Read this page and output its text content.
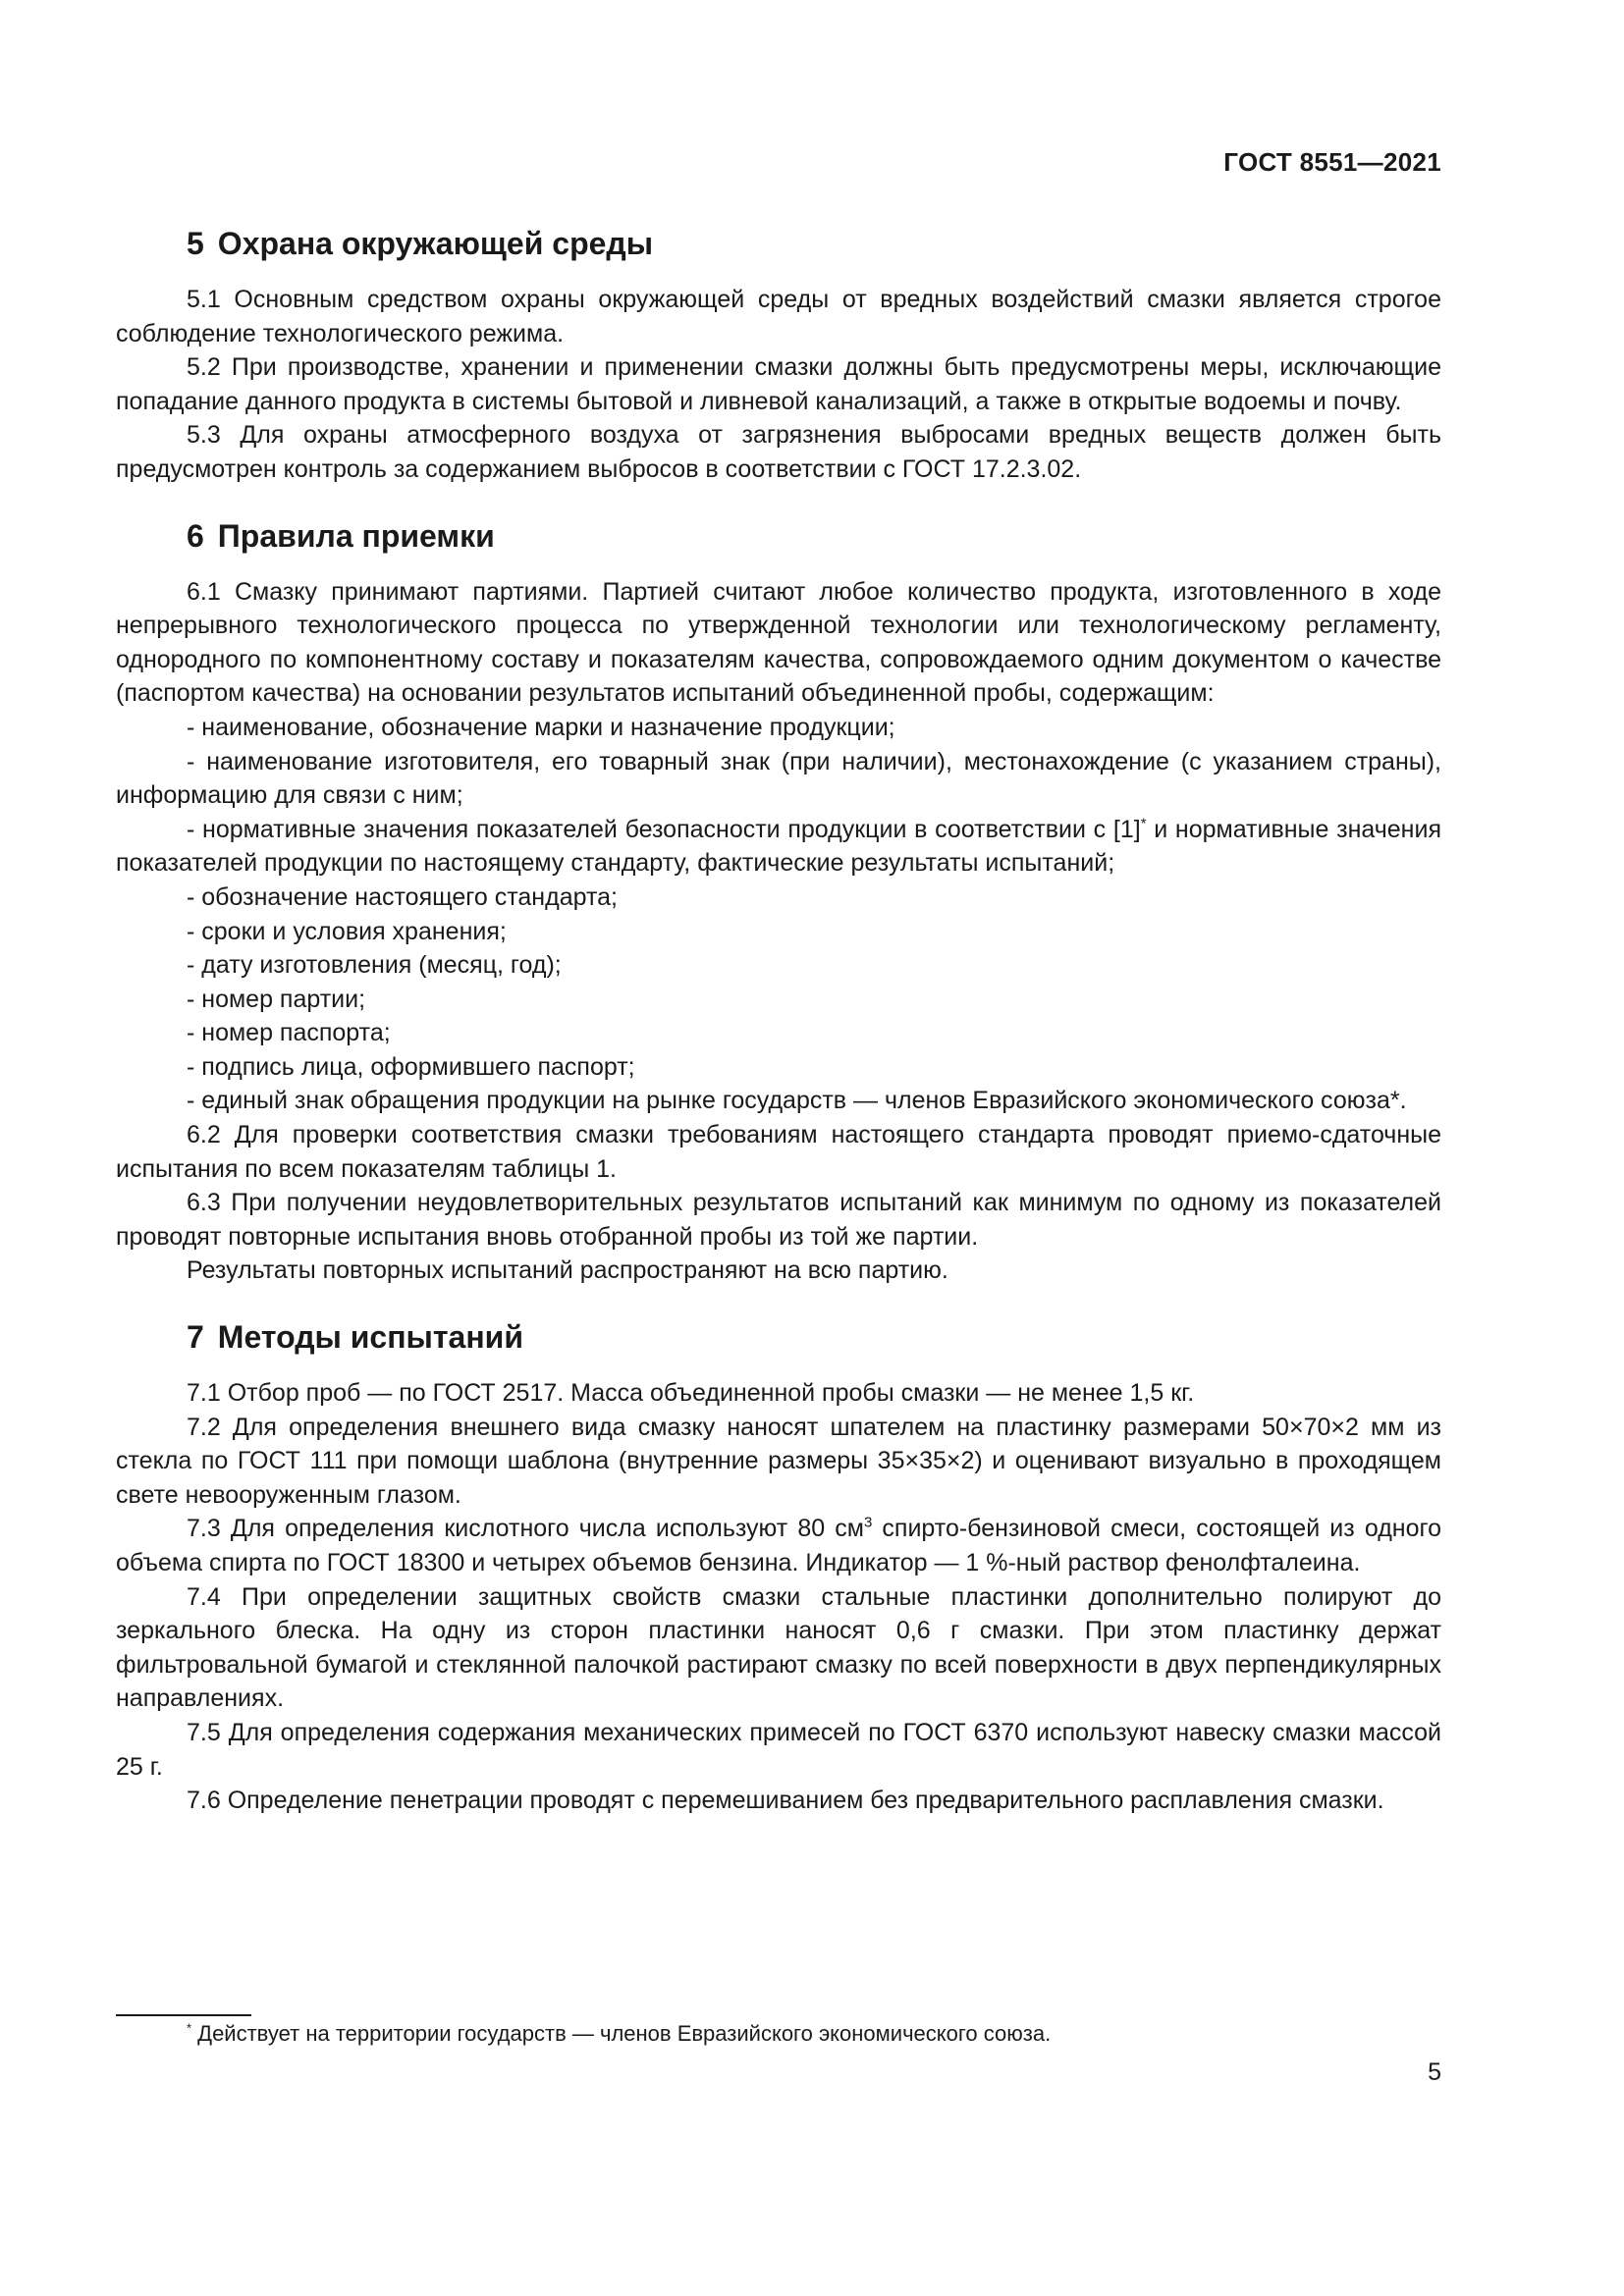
ГОСТ 8551—2021
5 Охрана окружающей среды

5.1 Основным средством охраны окружающей среды от вредных воздействий смазки является строгое соблюдение технологического режима.

5.2 При производстве, хранении и применении смазки должны быть предусмотрены меры, исключающие попадание данного продукта в системы бытовой и ливневой канализаций, а также в открытые водоемы и почву.

5.3 Для охраны атмосферного воздуха от загрязнения выбросами вредных веществ должен быть предусмотрен контроль за содержанием выбросов в соответствии с ГОСТ 17.2.3.02.

6 Правила приемки

6.1 Смазку принимают партиями. Партией считают любое количество продукта, изготовленного в ходе непрерывного технологического процесса по утвержденной технологии или технологическому регламенту, однородного по компонентному составу и показателям качества, сопровождаемого одним документом о качестве (паспортом качества) на основании результатов испытаний объединенной пробы, содержащим:

- наименование, обозначение марки и назначение продукции;

- наименование изготовителя, его товарный знак (при наличии), местонахождение (с указанием страны), информацию для связи с ним;

- нормативные значения показателей безопасности продукции в соответствии с [1]* и нормативные значения показателей продукции по настоящему стандарту, фактические результаты испытаний;

- обозначение настоящего стандарта;

- сроки и условия хранения;

- дату изготовления (месяц, год);

- номер партии;

- номер паспорта;

- подпись лица, оформившего паспорт;

- единый знак обращения продукции на рынке государств — членов Евразийского экономического союза*.

6.2 Для проверки соответствия смазки требованиям настоящего стандарта проводят приемо-сдаточные испытания по всем показателям таблицы 1.

6.3 При получении неудовлетворительных результатов испытаний как минимум по одному из показателей проводят повторные испытания вновь отобранной пробы из той же партии.

Результаты повторных испытаний распространяют на всю партию.

7 Методы испытаний

7.1 Отбор проб — по ГОСТ 2517. Масса объединенной пробы смазки — не менее 1,5 кг.

7.2 Для определения внешнего вида смазку наносят шпателем на пластинку размерами 50×70×2 мм из стекла по ГОСТ 111 при помощи шаблона (внутренние размеры 35×35×2) и оценивают визуально в проходящем свете невооруженным глазом.

7.3 Для определения кислотного числа используют 80 $см^3$ спирто-бензиновой смеси, состоящей из одного объема спирта по ГОСТ 18300 и четырех объемов бензина. Индикатор — 1 %-ный раствор фенолфталеина.

7.4 При определении защитных свойств смазки стальные пластинки дополнительно полируют до зеркального блеска. На одну из сторон пластинки наносят 0,6 г смазки. При этом пластинку держат фильтровальной бумагой и стеклянной палочкой растирают смазку по всей поверхности в двух перпендикулярных направлениях.

7.5 Для определения содержания механических примесей по ГОСТ 6370 используют навеску смазки массой 25 г.

7.6 Определение пенетрации проводят с перемешиванием без предварительного расплавления смазки.

* Действует на территории государств — членов Евразийского экономического союза.
5
